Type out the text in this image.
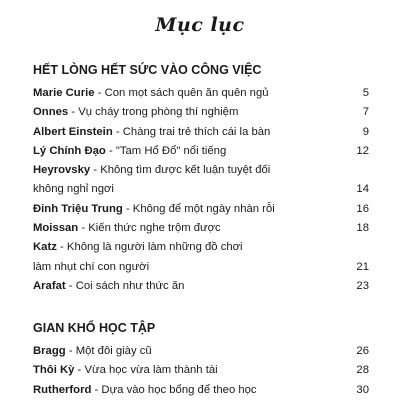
Mục lục
HẾT LÒNG HẾT SỨC VÀO CÔNG VIỆC
Marie Curie - Con mọt sách quên ăn quên ngủ	5
Onnes - Vụ cháy trong phòng thí nghiệm	7
Albert Einstein - Chàng trai trẻ thích cái la bàn	9
Lý Chính Đạo - "Tam Hổ Đổ" nổi tiếng	12
Heyrovsky - Không tìm được kết luận tuyệt đối
không nghỉ ngơi	14
Đinh Triệu Trung - Không để một ngày nhàn rỗi	16
Moissan - Kiến thức nghe trộm được	18
Katz - Không là người làm những đồ chơi
làm nhụt chí con người	21
Arafat - Coi sách như thức ăn	23
GIAN KHỔ HỌC TẬP
Bragg - Một đôi giày cũ	26
Thôi Kỳ - Vừa học vừa làm thành tài	28
Rutherford - Dựa vào học bổng để theo học	30
